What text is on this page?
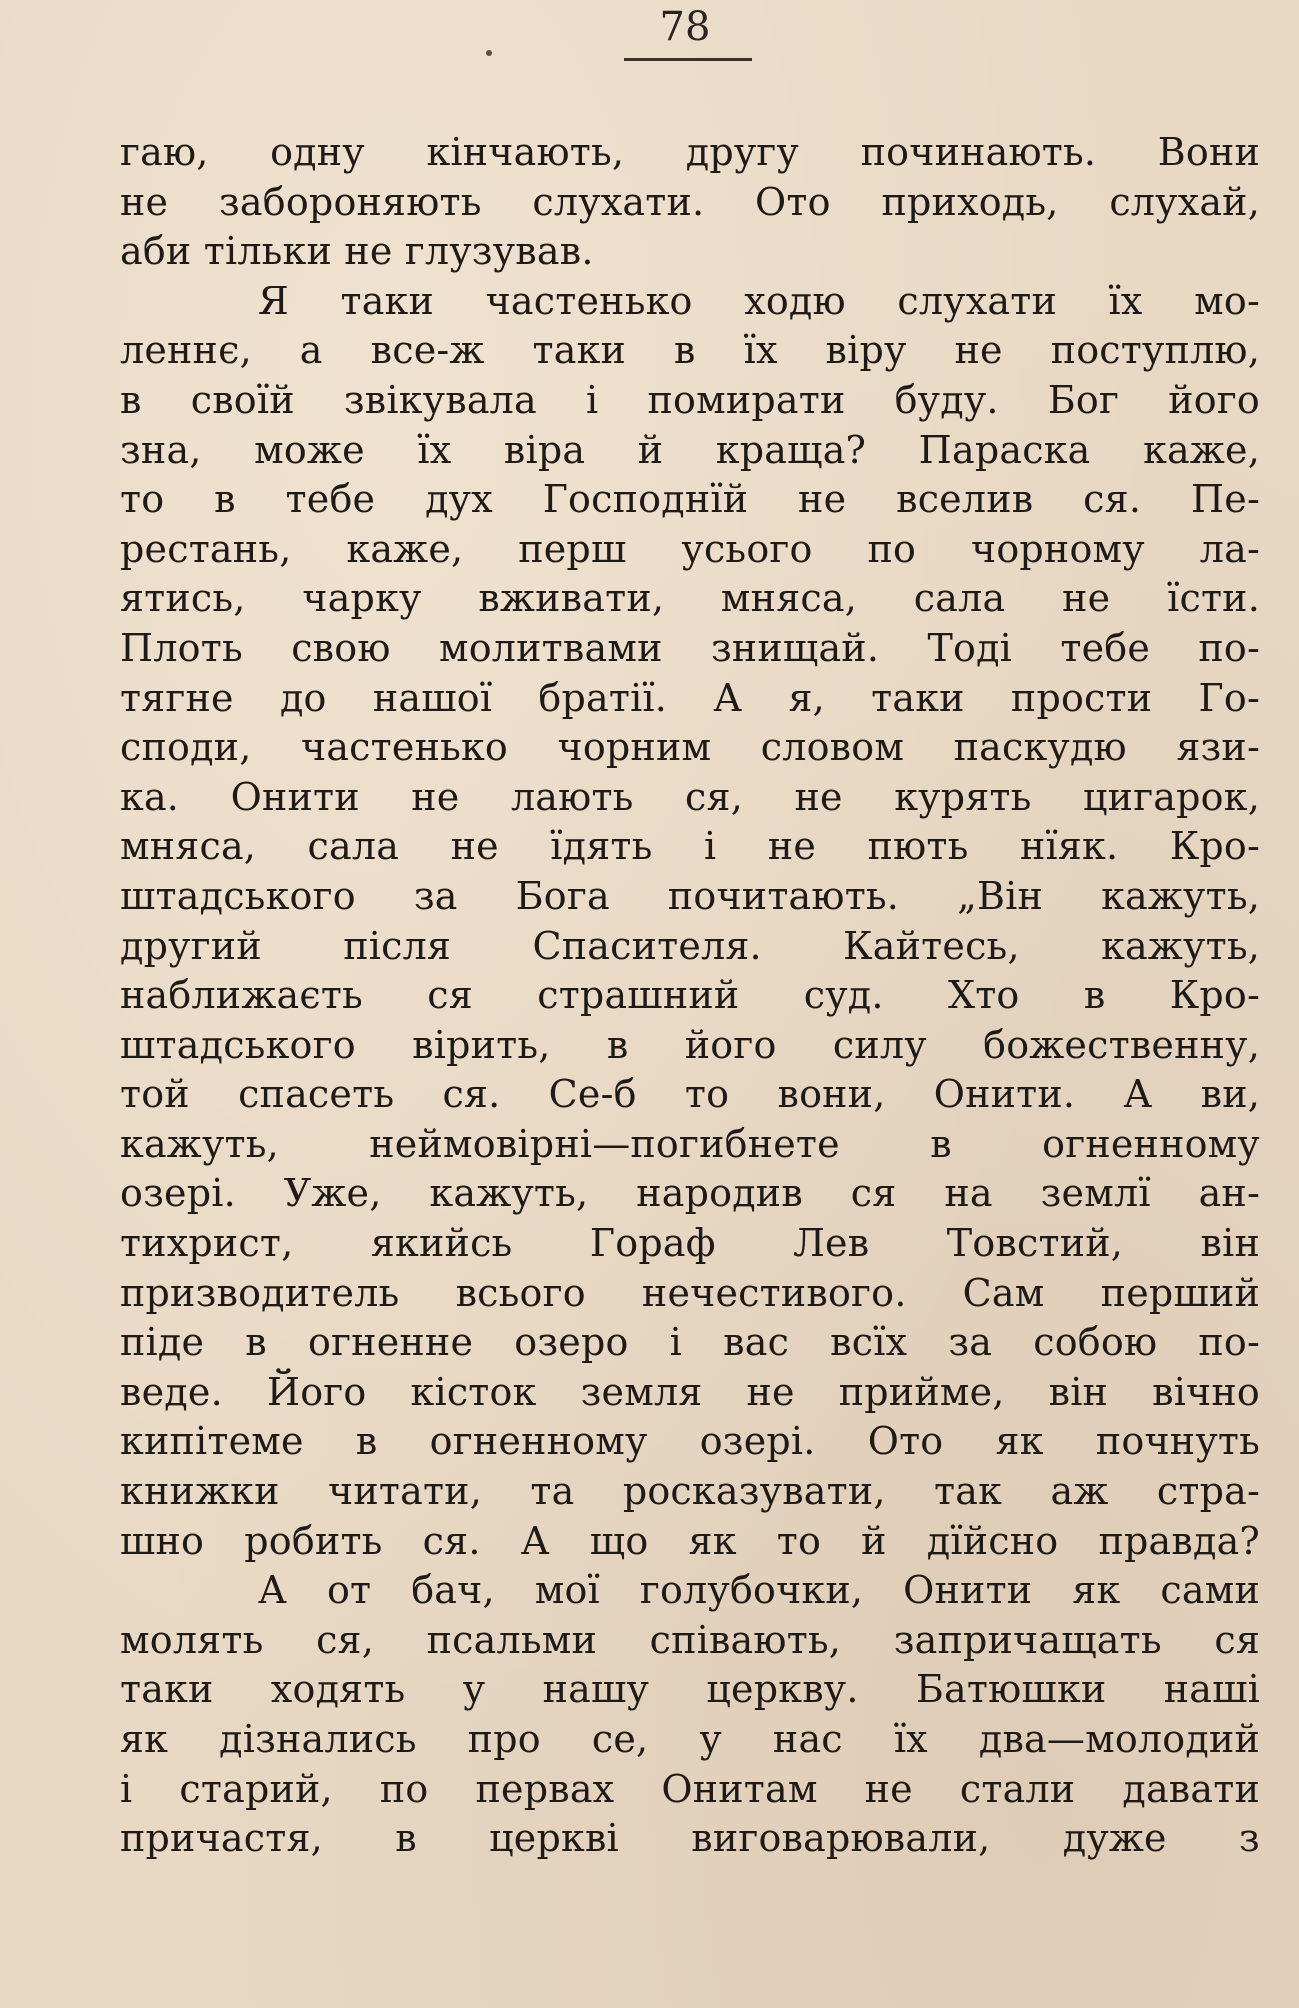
78
гаю, одну кінчають, другу починають. Вони
не забороняють слухати. Ото приходь, слухай,
аби тільки не глузував.
Я таки частенько ходю слухати їх мо-
леннє, а все-ж таки в їх віру не поступлю,
в своїй звікувала і помирати буду. Бог його
зна, може їх віра й краща? Параска каже,
то в тебе дух Господнїй не вселив ся. Пе-
рестань, каже, перш усього по чорному ла-
ятись, чарку вживати, мняса, сала не їсти.
Плоть свою молитвами знищай. Тоді тебе по-
тягне до нашої братії. А я, таки прости Го-
споди, частенько чорним словом паскудю язи-
ка. Онити не лають ся, не курять цигарок,
мняса, сала не їдять і не пють нїяк. Кро-
штадського за Бога почитають. „Він кажуть,
другий після Спасителя. Кайтесь, кажуть,
наближаєть ся страшний суд. Хто в Кро-
штадського вірить, в його силу божественну,
той спасеть ся. Се-б то вони, Онити. А ви,
кажуть, неймовірні—погибнете в огненному
озері. Уже, кажуть, народив ся на землї ан-
тихрист, якийсь Гораф Лев Товстий, він
призводитель всього нечестивого. Сам перший
піде в огненне озеро і вас всїх за собою по-
веде. Його кісток земля не прийме, він вічно
кипітеме в огненному озері. Ото як почнуть
книжки читати, та росказувати, так аж стра-
шно робить ся. А що як то й дїйсно правда?
А от бач, мої голубочки, Онити як сами
молять ся, псальми співають, запричащать ся
таки ходять у нашу церкву. Батюшки наші
як дізнались про се, у нас їх два—молодий
і старий, по первах Онитам не стали давати
причастя, в церкві виговарювали, дуже з
